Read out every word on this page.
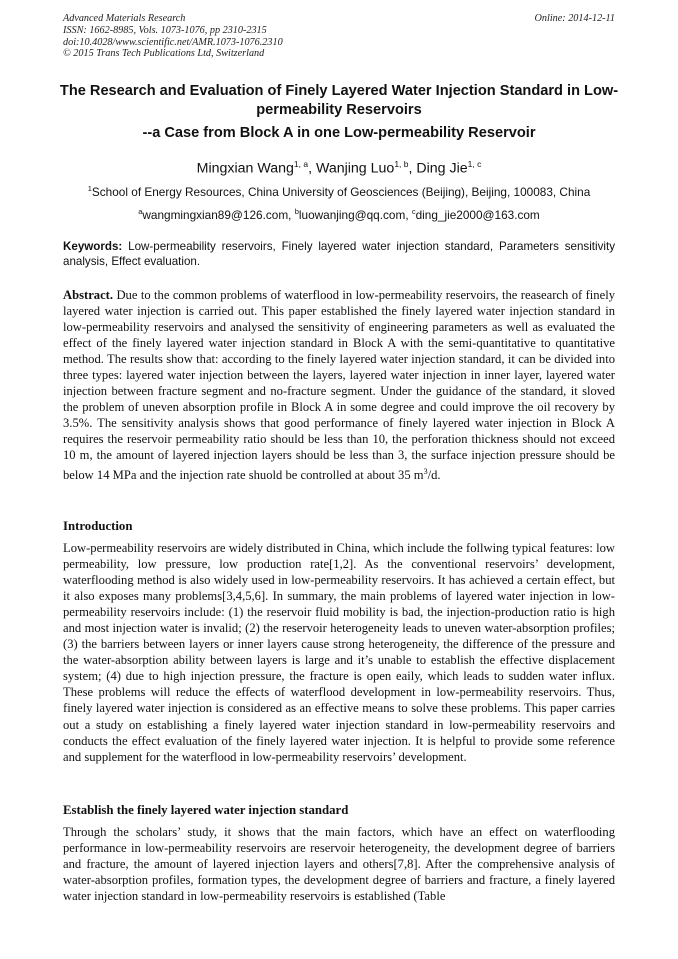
Advanced Materials Research
ISSN: 1662-8985, Vols. 1073-1076, pp 2310-2315
doi:10.4028/www.scientific.net/AMR.1073-1076.2310
© 2015 Trans Tech Publications Ltd, Switzerland
Online: 2014-12-11
The Research and Evaluation of Finely Layered Water Injection Standard in Low-permeability Reservoirs
--a Case from Block A in one Low-permeability Reservoir
Mingxian Wang$^{1, a}$, Wanjing Luo$^{1, b}$, Ding Jie$^{1, c}$
$^1$School of Energy Resources, China University of Geosciences (Beijing), Beijing, 100083, China
$^a$wangmingxian89@126.com, $^b$luowanjing@qq.com, $^c$ding_jie2000@163.com
Keywords: Low-permeability reservoirs, Finely layered water injection standard, Parameters sensitivity analysis, Effect evaluation.
Abstract. Due to the common problems of waterflood in low-permeability reservoirs, the reasearch of finely layered water injection is carried out. This paper established the finely layered water injection standard in low-permeability reservoirs and analysed the sensitivity of engineering parameters as well as evaluated the effect of the finely layered water injection standard in Block A with the semi-quantitative to quantitative method. The results show that: according to the finely layered water injection standard, it can be divided into three types: layered water injection between the layers, layered water injection in inner layer, layered water injection between fracture segment and no-fracture segment. Under the guidance of the standard, it sloved the problem of uneven absorption profile in Block A in some degree and could improve the oil recovery by 3.5%. The sensitivity analysis shows that good performance of finely layered water injection in Block A requires the reservoir permeability ratio should be less than 10, the perforation thickness should not exceed 10 m, the amount of layered injection layers should be less than 3, the surface injection pressure should be below 14 MPa and the injection rate shuold be controlled at about 35 $m^3/d$.
Introduction
Low-permeability reservoirs are widely distributed in China, which include the follwing typical features: low permeability, low pressure, low production rate[1,2]. As the conventional reservoirs’ development, waterflooding method is also widely used in low-permeability reservoirs. It has achieved a certain effect, but it also exposes many problems[3,4,5,6]. In summary, the main problems of layered water injection in low-permeability reservoirs include: (1) the reservoir fluid mobility is bad, the injection-production ratio is high and most injection water is invalid; (2) the reservoir heterogeneity leads to uneven water-absorption profiles; (3) the barriers between layers or inner layers cause strong heterogeneity, the difference of the pressure and the water-absorption ability between layers is large and it’s unable to establish the effective displacement system; (4) due to high injection pressure, the fracture is open eaily, which leads to sudden water influx. These problems will reduce the effects of waterflood development in low-permeability reservoirs. Thus, finely layered water injection is considered as an effective means to solve these problems. This paper carries out a study on establishing a finely layered water injection standard in low-permeability reservoirs and conducts the effect evaluation of the finely layered water injection. It is helpful to provide some reference and supplement for the waterflood in low-permeability reservoirs’ development.
Establish the finely layered water injection standard
Through the scholars’ study, it shows that the main factors, which have an effect on waterflooding performance in low-permeability reservoirs are reservoir heterogeneity, the development degree of barriers and fracture, the amount of layered injection layers and others[7,8]. After the comprehensive analysis of water-absorption profiles, formation types, the development degree of barriers and fracture, a finely layered water injection standard in low-permeability reservoirs is established (Table
